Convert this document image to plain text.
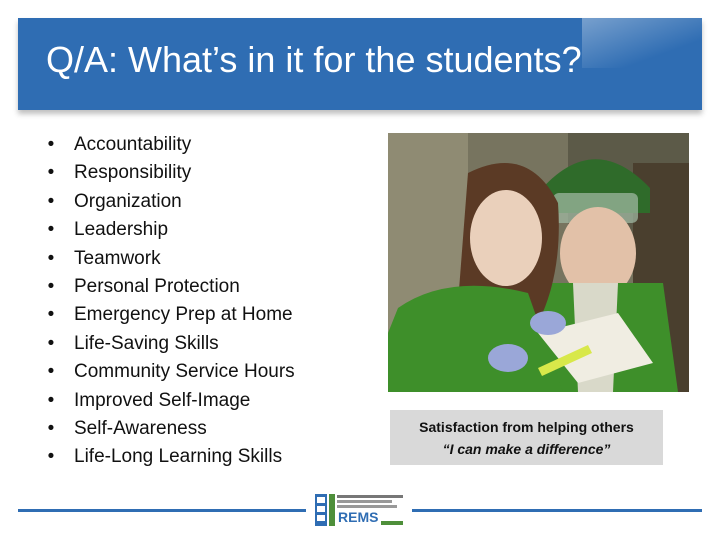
Q/A: What’s in it for the students?
• Accountability
• Responsibility
• Organization
• Leadership
• Teamwork
• Personal Protection
• Emergency Prep at Home
• Life-Saving Skills
• Community Service Hours
• Improved Self-Image
• Self-Awareness
• Life-Long Learning Skills
Satisfaction from helping others
“I can make a difference”
REMS
